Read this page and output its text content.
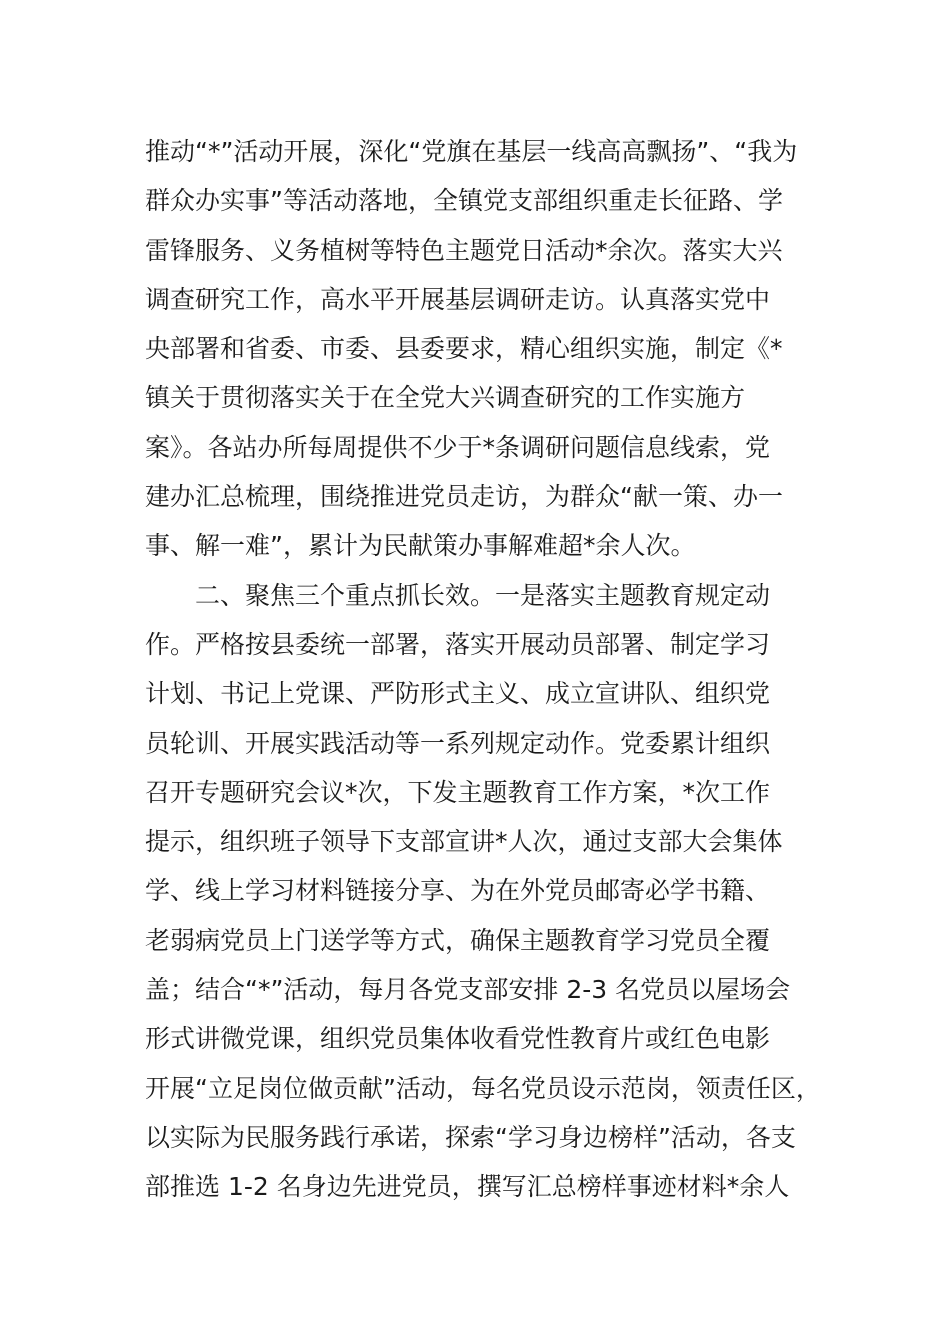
推动“*”活动开展，深化“党旗在基层一线高高飘扬”、“我为
群众办实事”等活动落地，全镇党支部组织重走长征路、学
雷锋服务、义务植树等特色主题党日活动*余次。落实大兴
调查研究工作，高水平开展基层调研走访。认真落实党中
央部署和省委、市委、县委要求，精心组织实施，制定《*
镇关于贯彻落实关于在全党大兴调查研究的工作实施方
案》。各站办所每周提供不少于*条调研问题信息线索，党
建办汇总梳理，围绕推进党员走访，为群众“献一策、办一
事、解一难”，累计为民献策办事解难超*余人次。
二、聚焦三个重点抓长效。一是落实主题教育规定动
作。严格按县委统一部署，落实开展动员部署、制定学习
计划、书记上党课、严防形式主义、成立宣讲队、组织党
员轮训、开展实践活动等一系列规定动作。党委累计组织
召开专题研究会议*次，下发主题教育工作方案，*次工作
提示，组织班子领导下支部宣讲*人次，通过支部大会集体
学、线上学习材料链接分享、为在外党员邮寄必学书籍、
老弱病党员上门送学等方式，确保主题教育学习党员全覆
盖；结合“*”活动，每月各党支部安排 2-3 名党员以屋场会
形式讲微党课，组织党员集体收看党性教育片或红色电影
开展“立足岗位做贡献”活动，每名党员设示范岗，领责任区，
以实际为民服务践行承诺，探索“学习身边榜样”活动，各支
部推选 1-2 名身边先进党员，撰写汇总榜样事迹材料*余人
